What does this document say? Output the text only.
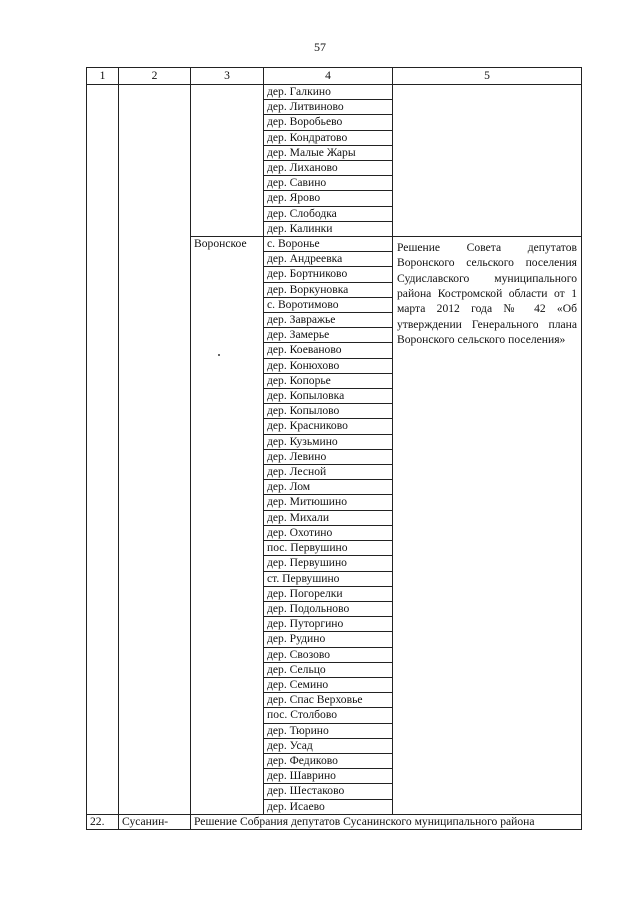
57
1	2	3	4	5
			дер. Галкино	
			дер. Литвиново	
			дер. Воробьево	
			дер. Кондратово	
			дер. Малые Жары	
			дер. Лиханово	
			дер. Савино	
			дер. Ярово	
			дер. Слободка	
			дер. Калинки	
		Воронское	с. Воронье	Решение Совета депутатов Воронского сельского поселения Судиславского муниципального района Костромской области от 1 марта 2012 года № 42 «Об утверждении Генерального плана Воронского сельского поселения»
			дер. Андреевка	
			дер. Бортниково	
			дер. Воркуновка	
			с. Воротимово	
			дер. Завражье	
			дер. Замерье	
			дер. Коеваново	
			дер. Конюхово	
			дер. Копорье	
			дер. Копыловка	
			дер. Копылово	
			дер. Красниково	
			дер. Кузьмино	
			дер. Левино	
			дер. Лесной	
			дер. Лом	
			дер. Митюшино	
			дер. Михали	
			дер. Охотино	
			пос. Первушино	
			дер. Первушино	
			ст. Первушино	
			дер. Погорелки	
			дер. Подольново	
			дер. Путоргино	
			дер. Рудино	
			дер. Свозово	
			дер. Сельцо	
			дер. Семино	
			дер. Спас Верховье	
			пос. Столбово	
			дер. Тюрино	
			дер. Усад	
			дер. Федиково	
			дер. Шаврино	
			дер. Шестаково	
			дер. Исаево	
22.	Сусанин-	Решение Собрания депутатов Сусанинского муниципального района		
